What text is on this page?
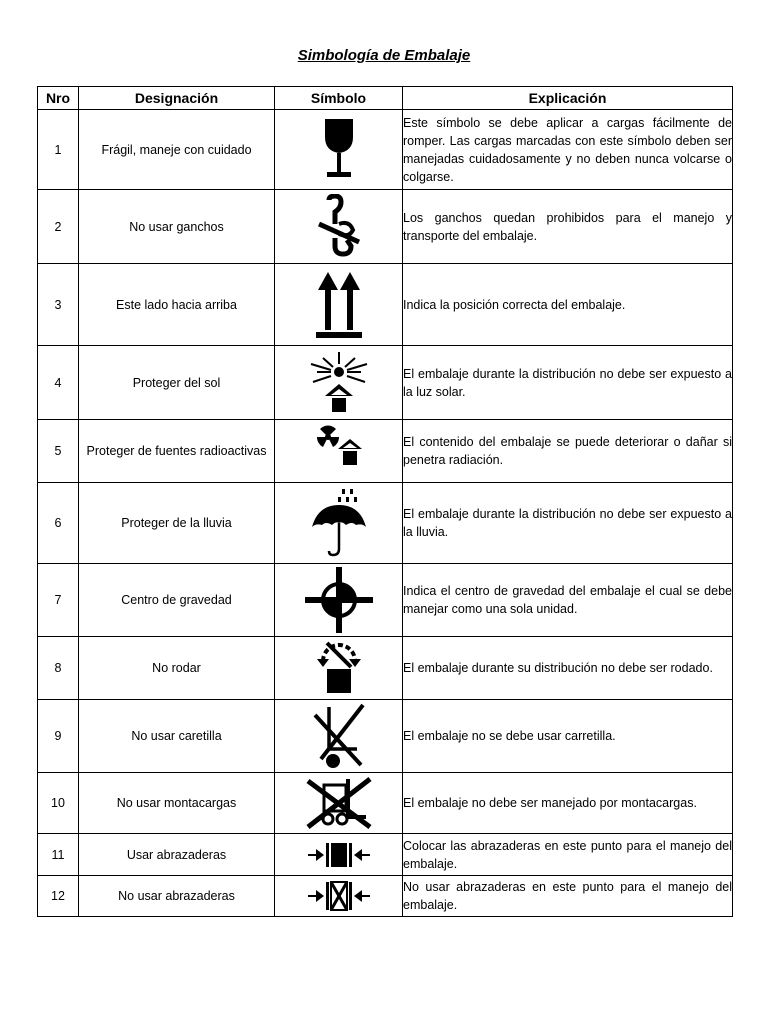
Simbología de Embalaje
Nro	Designación	Símbolo	Explicación
1	Frágil, maneje con cuidado		Este símbolo se debe aplicar a cargas fácilmente de romper. Las cargas marcadas con este símbolo deben ser manejadas cuidadosamente y no deben nunca volcarse o colgarse.
2	No usar ganchos		Los ganchos quedan prohibidos para el manejo y transporte del embalaje.
3	Este lado hacia arriba		Indica la posición correcta del embalaje.
4	Proteger del sol		El embalaje durante la distribución no debe ser expuesto a la luz solar.
5	Proteger de fuentes radioactivas		El contenido del embalaje se puede deteriorar o dañar si penetra radiación.
6	Proteger de la lluvia		El embalaje durante la distribución no debe ser expuesto a la lluvia.
7	Centro de gravedad		Indica el centro de gravedad del embalaje el cual se debe manejar como una sola unidad.
8	No rodar		El embalaje durante su distribución no debe ser rodado.
9	No usar caretilla		El embalaje no se debe usar carretilla.
10	No usar montacargas		El embalaje no debe ser manejado por montacargas.
11	Usar abrazaderas		Colocar las abrazaderas en este punto para el manejo del embalaje.
12	No usar abrazaderas		No usar abrazaderas en este punto para el manejo del embalaje.
